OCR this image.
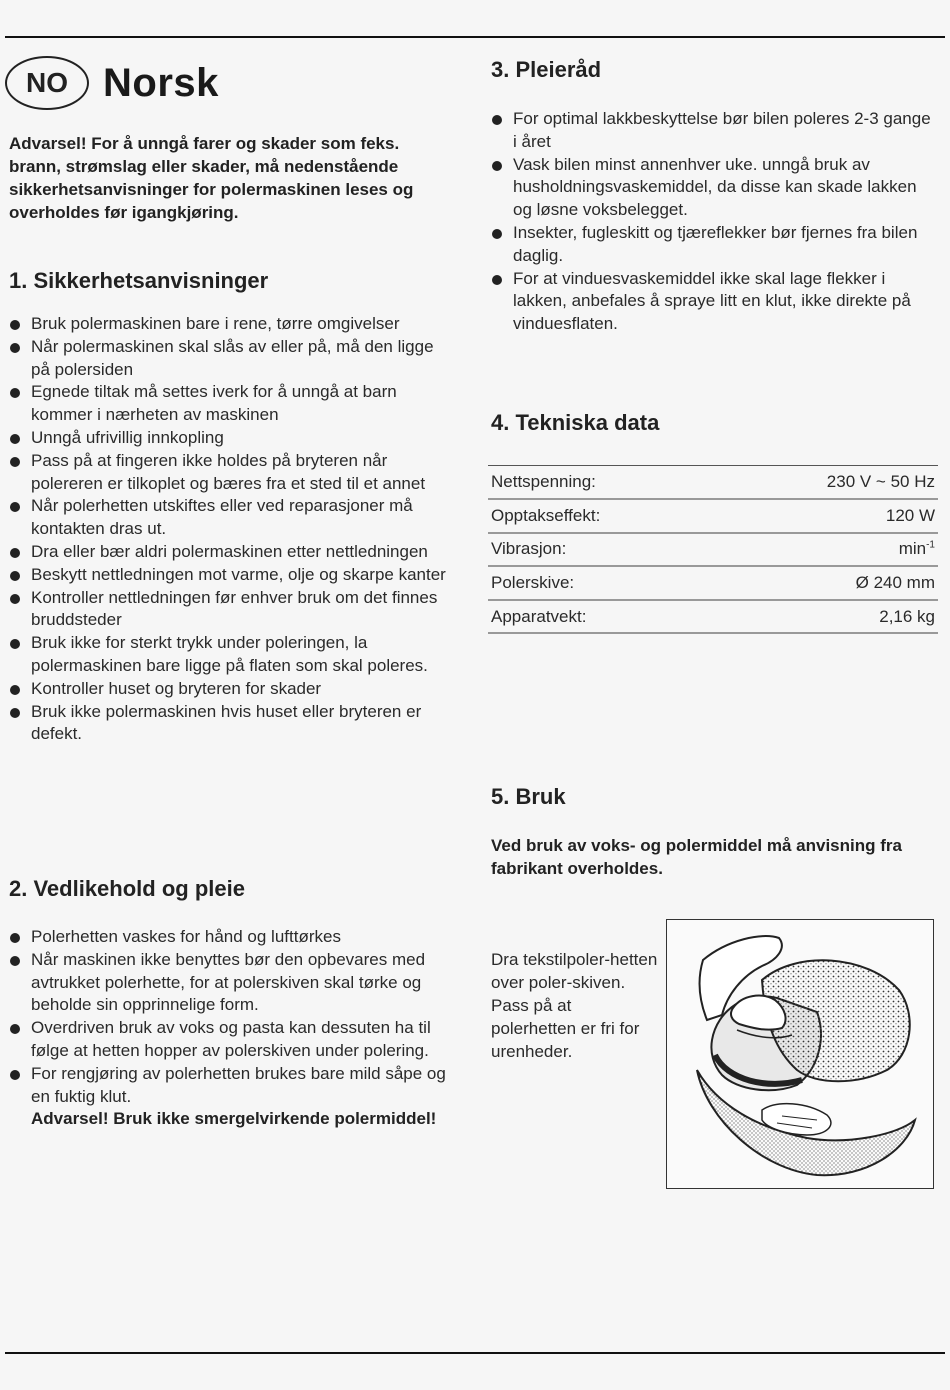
NO Norsk
Advarsel! For å unngå farer og skader som feks. brann, strømslag eller skader, må nedenstående sikkerhetsanvisninger for polermaskinen leses og overholdes før igangkjøring.
1. Sikkerhetsanvisninger
Bruk polermaskinen bare i rene, tørre omgivelser
Når polermaskinen skal slås av eller på, må den ligge på polersiden
Egnede tiltak må settes iverk for å unngå at barn kommer i nærheten av maskinen
Unngå ufrivillig innkopling
Pass på at fingeren ikke holdes på bryteren når polereren er tilkoplet og bæres fra et sted til et annet
Når polerhetten utskiftes eller ved reparasjoner må kontakten dras ut.
Dra eller bær aldri polermaskinen etter nettledningen
Beskytt nettledningen mot varme, olje og skarpe kanter
Kontroller nettledningen før enhver bruk om det finnes bruddsteder
Bruk ikke for sterkt trykk under poleringen, la polermaskinen bare ligge på flaten som skal poleres.
Kontroller huset og bryteren for skader
Bruk ikke polermaskinen hvis huset eller bryteren er defekt.
2. Vedlikehold og pleie
Polerhetten vaskes for hånd og lufttørkes
Når maskinen ikke benyttes bør den opbevares med avtrukket polerhette, for at polerskiven skal tørke og beholde sin opprinnelige form.
Overdriven bruk av voks og pasta kan dessuten ha til følge at hetten hopper av polerskiven under polering.
For rengjøring av polerhetten brukes bare mild såpe og en fuktig klut.
Advarsel! Bruk ikke smergelvirkende polermiddel!
3. Pleieråd
For optimal lakkbeskyttelse bør bilen poleres 2-3 gange i året
Vask bilen minst annenhver uke. unngå bruk av husholdningsvaskemiddel, da disse kan skade lakken og løsne voksbelegget.
Insekter, fugleskitt og tjæreflekker bør fjernes fra bilen daglig.
For at vinduesvaskemiddel ikke skal lage flekker i lakken, anbefales å spraye litt en klut, ikke direkte på vinduesflaten.
4. Tekniska data
Nettspenning:	230 V ~ 50 Hz
Opptakseffekt:	120 W
Vibrasjon:	$\min^{-1}$
Polerskive:	Ø 240 mm
Apparatvekt:	2,16 kg
5. Bruk
Ved bruk av voks- og polermiddel må anvisning fra fabrikant overholdes.
Dra tekstilpoler-hetten over poler-skiven. Pass på at polerhetten er fri for urenheder.
